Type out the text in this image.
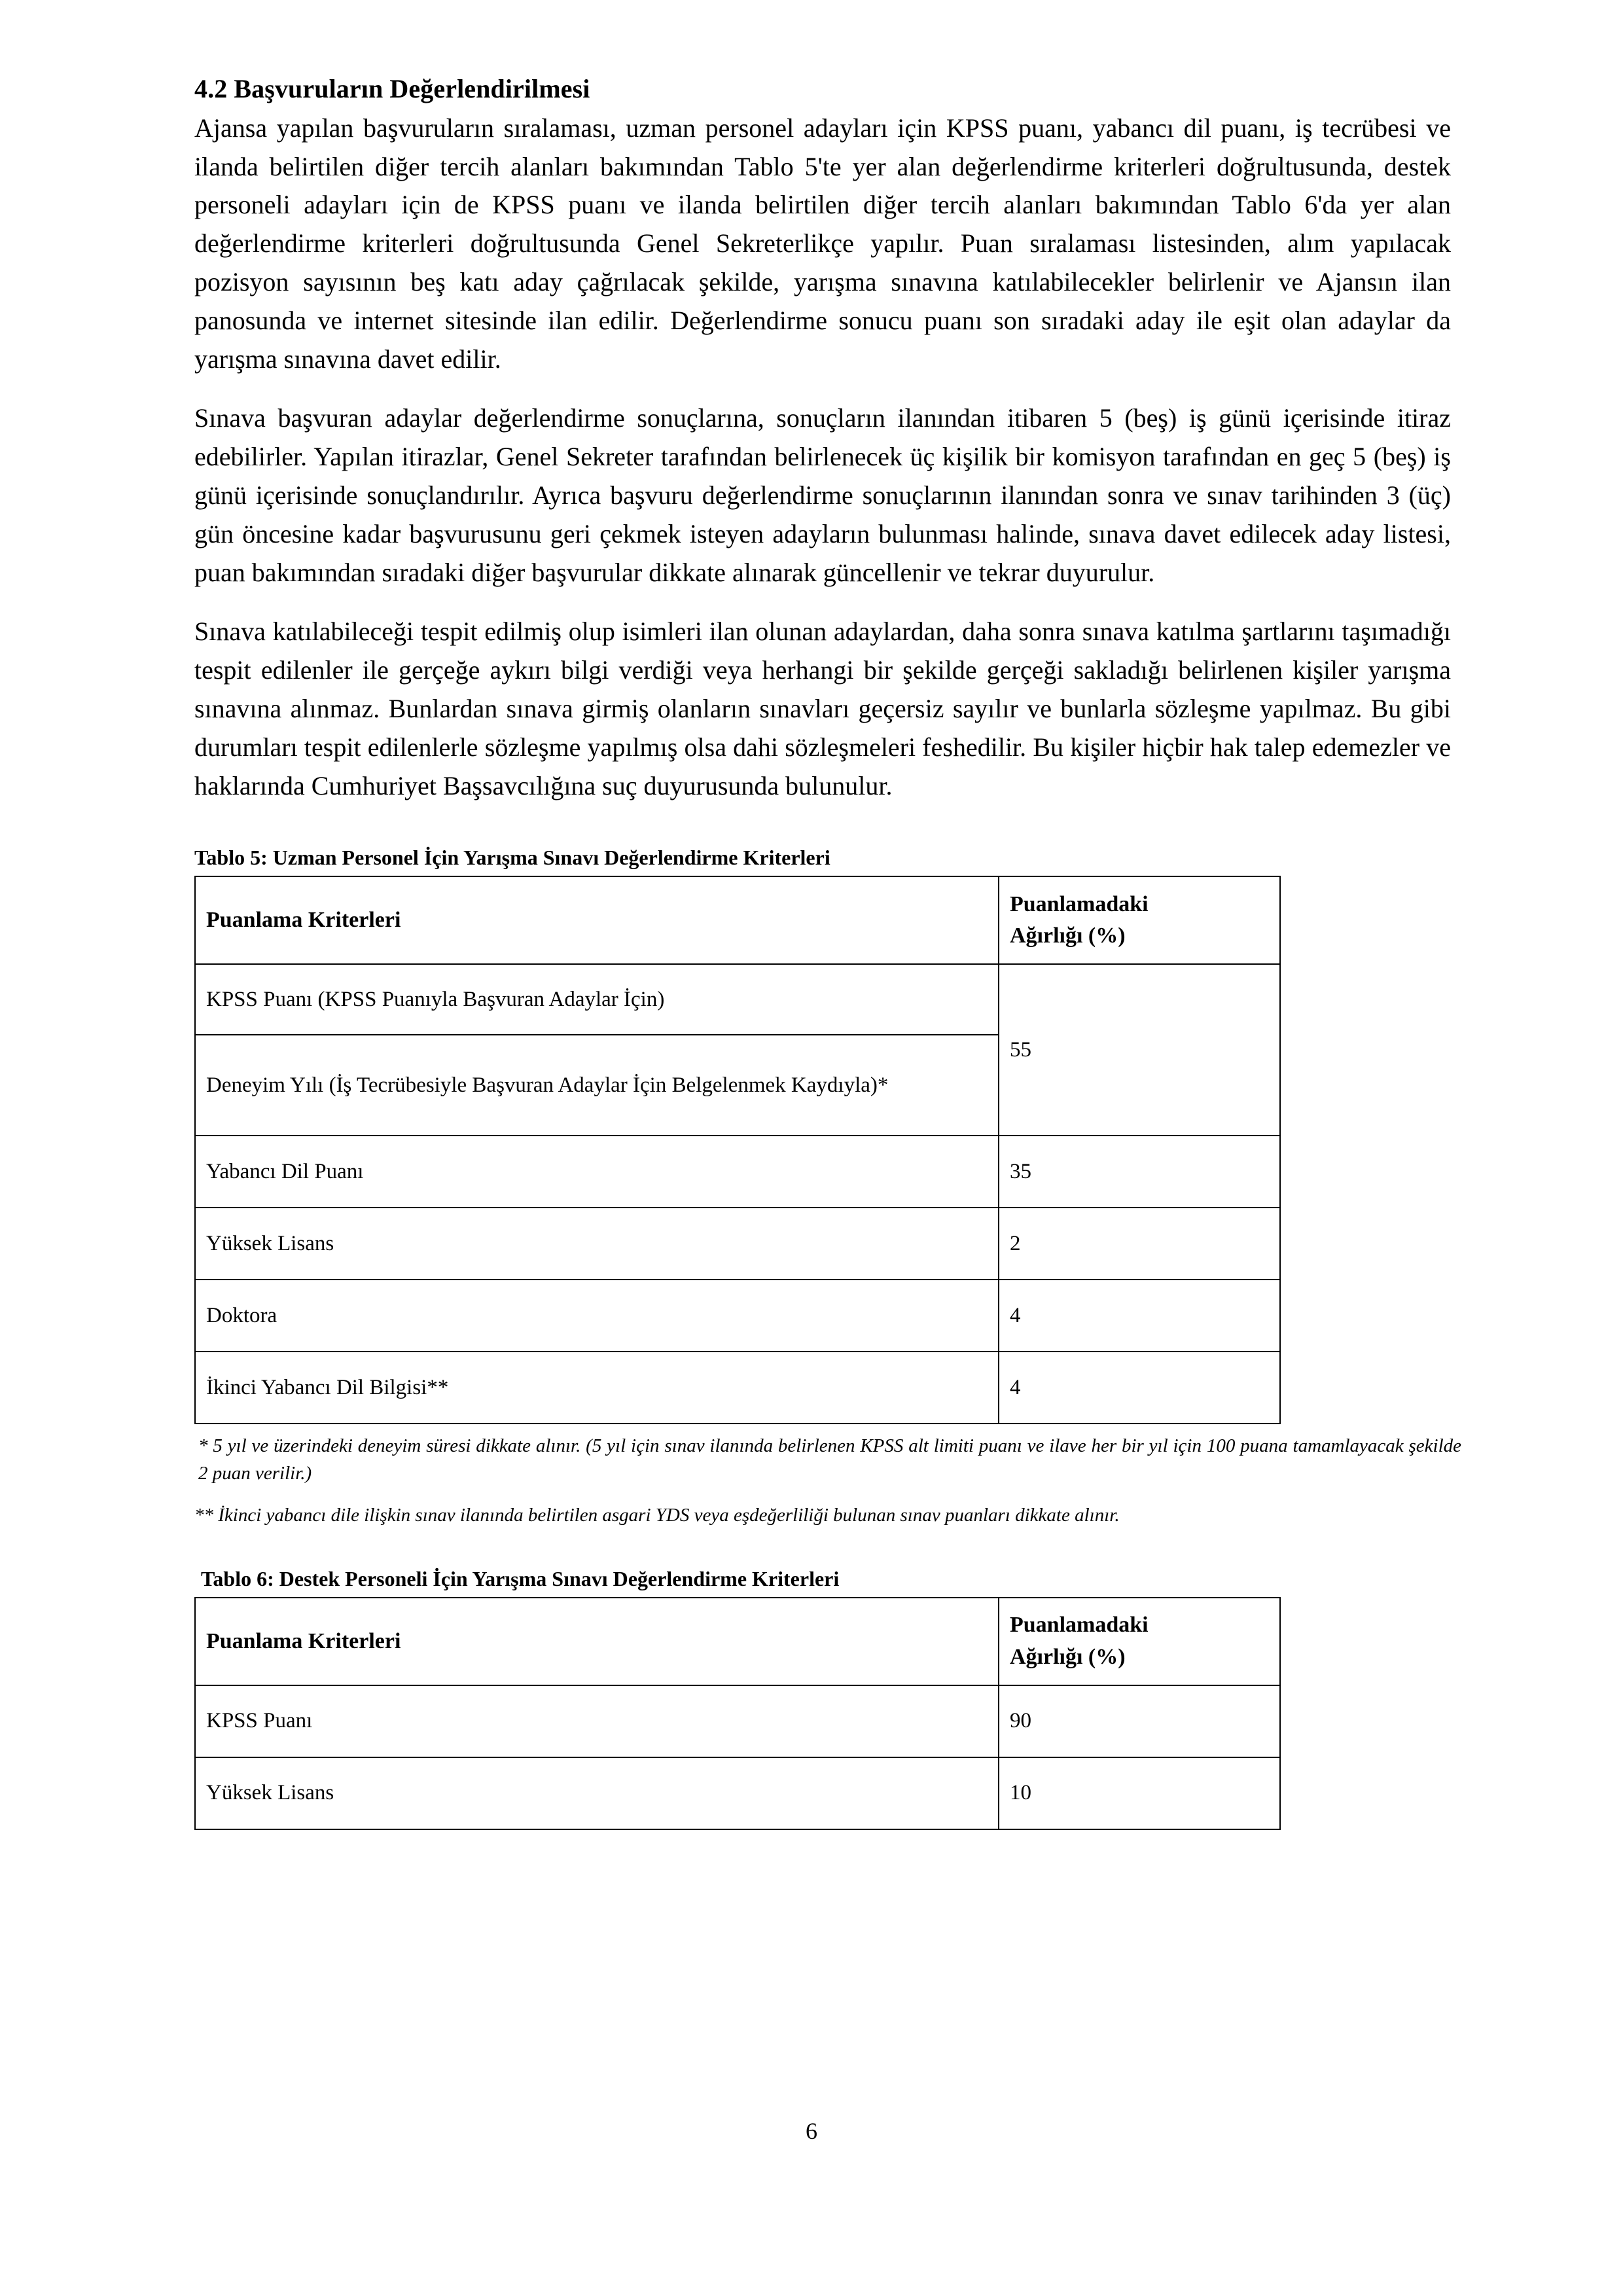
4.2 Başvuruların Değerlendirilmesi

Ajansa yapılan başvuruların sıralaması, uzman personel adayları için KPSS puanı, yabancı dil puanı, iş tecrübesi ve ilanda belirtilen diğer tercih alanları bakımından Tablo 5'te yer alan değerlendirme kriterleri doğrultusunda, destek personeli adayları için de KPSS puanı ve ilanda belirtilen diğer tercih alanları bakımından Tablo 6'da yer alan değerlendirme kriterleri doğrultusunda Genel Sekreterlikçe yapılır. Puan sıralaması listesinden, alım yapılacak pozisyon sayısının beş katı aday çağrılacak şekilde, yarışma sınavına katılabilecekler belirlenir ve Ajansın ilan panosunda ve internet sitesinde ilan edilir. Değerlendirme sonucu puanı son sıradaki aday ile eşit olan adaylar da yarışma sınavına davet edilir.

Sınava başvuran adaylar değerlendirme sonuçlarına, sonuçların ilanından itibaren 5 (beş) iş günü içerisinde itiraz edebilirler. Yapılan itirazlar, Genel Sekreter tarafından belirlenecek üç kişilik bir komisyon tarafından en geç 5 (beş) iş günü içerisinde sonuçlandırılır. Ayrıca başvuru değerlendirme sonuçlarının ilanından sonra ve sınav tarihinden 3 (üç) gün öncesine kadar başvurusunu geri çekmek isteyen adayların bulunması halinde, sınava davet edilecek aday listesi, puan bakımından sıradaki diğer başvurular dikkate alınarak güncellenir ve tekrar duyurulur.

Sınava katılabileceği tespit edilmiş olup isimleri ilan olunan adaylardan, daha sonra sınava katılma şartlarını taşımadığı tespit edilenler ile gerçeğe aykırı bilgi verdiği veya herhangi bir şekilde gerçeği sakladığı belirlenen kişiler yarışma sınavına alınmaz. Bunlardan sınava girmiş olanların sınavları geçersiz sayılır ve bunlarla sözleşme yapılmaz. Bu gibi durumları tespit edilenlerle sözleşme yapılmış olsa dahi sözleşmeleri feshedilir. Bu kişiler hiçbir hak talep edemezler ve haklarında Cumhuriyet Başsavcılığına suç duyurusunda bulunulur.

Tablo 5: Uzman Personel İçin Yarışma Sınavı Değerlendirme Kriterleri
Puanlama Kriterleri	Puanlamadaki
Ağırlığı (%)
KPSS Puanı (KPSS Puanıyla Başvuran Adaylar İçin)	55
Deneyim Yılı (İş Tecrübesiyle Başvuran Adaylar İçin Belgelenmek Kaydıyla)*	
Yabancı Dil Puanı	35
Yüksek Lisans	2
Doktora	4
İkinci Yabancı Dil Bilgisi**	4

* 5 yıl ve üzerindeki deneyim süresi dikkate alınır. (5 yıl için sınav ilanında belirlenen KPSS alt limiti puanı ve ilave her bir yıl için 100 puana tamamlayacak şekilde 2 puan verilir.)

** İkinci yabancı dile ilişkin sınav ilanında belirtilen asgari YDS veya eşdeğerliliği bulunan sınav puanları dikkate alınır.

Tablo 6: Destek Personeli İçin Yarışma Sınavı Değerlendirme Kriterleri
Puanlama Kriterleri	Puanlamadaki
Ağırlığı (%)
KPSS Puanı	90
Yüksek Lisans	10
6
